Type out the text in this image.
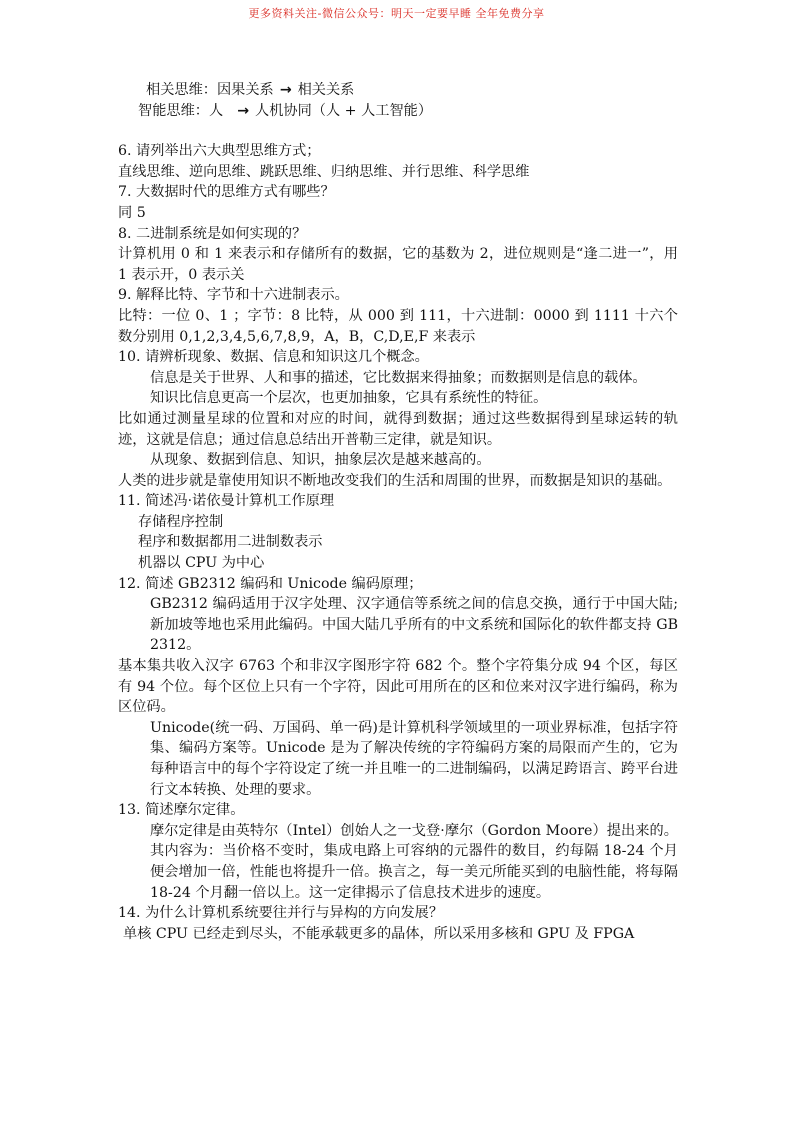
更多资料关注-微信公众号：明天一定要早睡 全年免费分享

相关思维：因果关系 → 相关关系

智能思维：人 → 人机协同（人 + 人工智能）

6. 请列举出六大典型思维方式；

直线思维、逆向思维、跳跃思维、归纳思维、并行思维、科学思维

7. 大数据时代的思维方式有哪些？

同 5

8. 二进制系统是如何实现的？

计算机用 0 和 1 来表示和存储所有的数据，它的基数为 2，进位规则是“逢二进一”，用 1 表示开，0 表示关

9. 解释比特、字节和十六进制表示。

比特：一位 0、1 ；字节：8 比特，从 000 到 111，十六进制：0000 到 1111 十六个数分别用 0,1,2,3,4,5,6,7,8,9，A，B，C,D,E,F 来表示

10. 请辨析现象、数据、信息和知识这几个概念。

信息是关于世界、人和事的描述，它比数据来得抽象；而数据则是信息的载体。

知识比信息更高一个层次，也更加抽象，它具有系统性的特征。

比如通过测量星球的位置和对应的时间，就得到数据；通过这些数据得到星球运转的轨迹，这就是信息；通过信息总结出开普勒三定律，就是知识。

从现象、数据到信息、知识，抽象层次是越来越高的。

人类的进步就是靠使用知识不断地改变我们的生活和周围的世界，而数据是知识的基础。

11. 简述冯·诺依曼计算机工作原理

存储程序控制

程序和数据都用二进制数表示

机器以 CPU 为中心

12. 简述 GB2312 编码和 Unicode 编码原理；

GB2312 编码适用于汉字处理、汉字通信等系统之间的信息交换，通行于中国大陆;新加坡等地也采用此编码。中国大陆几乎所有的中文系统和国际化的软件都支持 GB 2312。

基本集共收入汉字 6763 个和非汉字图形字符 682 个。整个字符集分成 94 个区，每区有 94 个位。每个区位上只有一个字符，因此可用所在的区和位来对汉字进行编码，称为区位码。

Unicode(统一码、万国码、单一码)是计算机科学领域里的一项业界标准，包括字符集、编码方案等。Unicode 是为了解决传统的字符编码方案的局限而产生的，它为每种语言中的每个字符设定了统一并且唯一的二进制编码，以满足跨语言、跨平台进行文本转换、处理的要求。

13. 简述摩尔定律。

摩尔定律是由英特尔（Intel）创始人之一戈登·摩尔（Gordon Moore）提出来的。其内容为：当价格不变时，集成电路上可容纳的元器件的数目，约每隔 18-24 个月便会增加一倍，性能也将提升一倍。换言之，每一美元所能买到的电脑性能，将每隔 18-24 个月翻一倍以上。这一定律揭示了信息技术进步的速度。

14. 为什么计算机系统要往并行与异构的方向发展？

单核 CPU 已经走到尽头，不能承载更多的晶体，所以采用多核和 GPU 及 FPGA
